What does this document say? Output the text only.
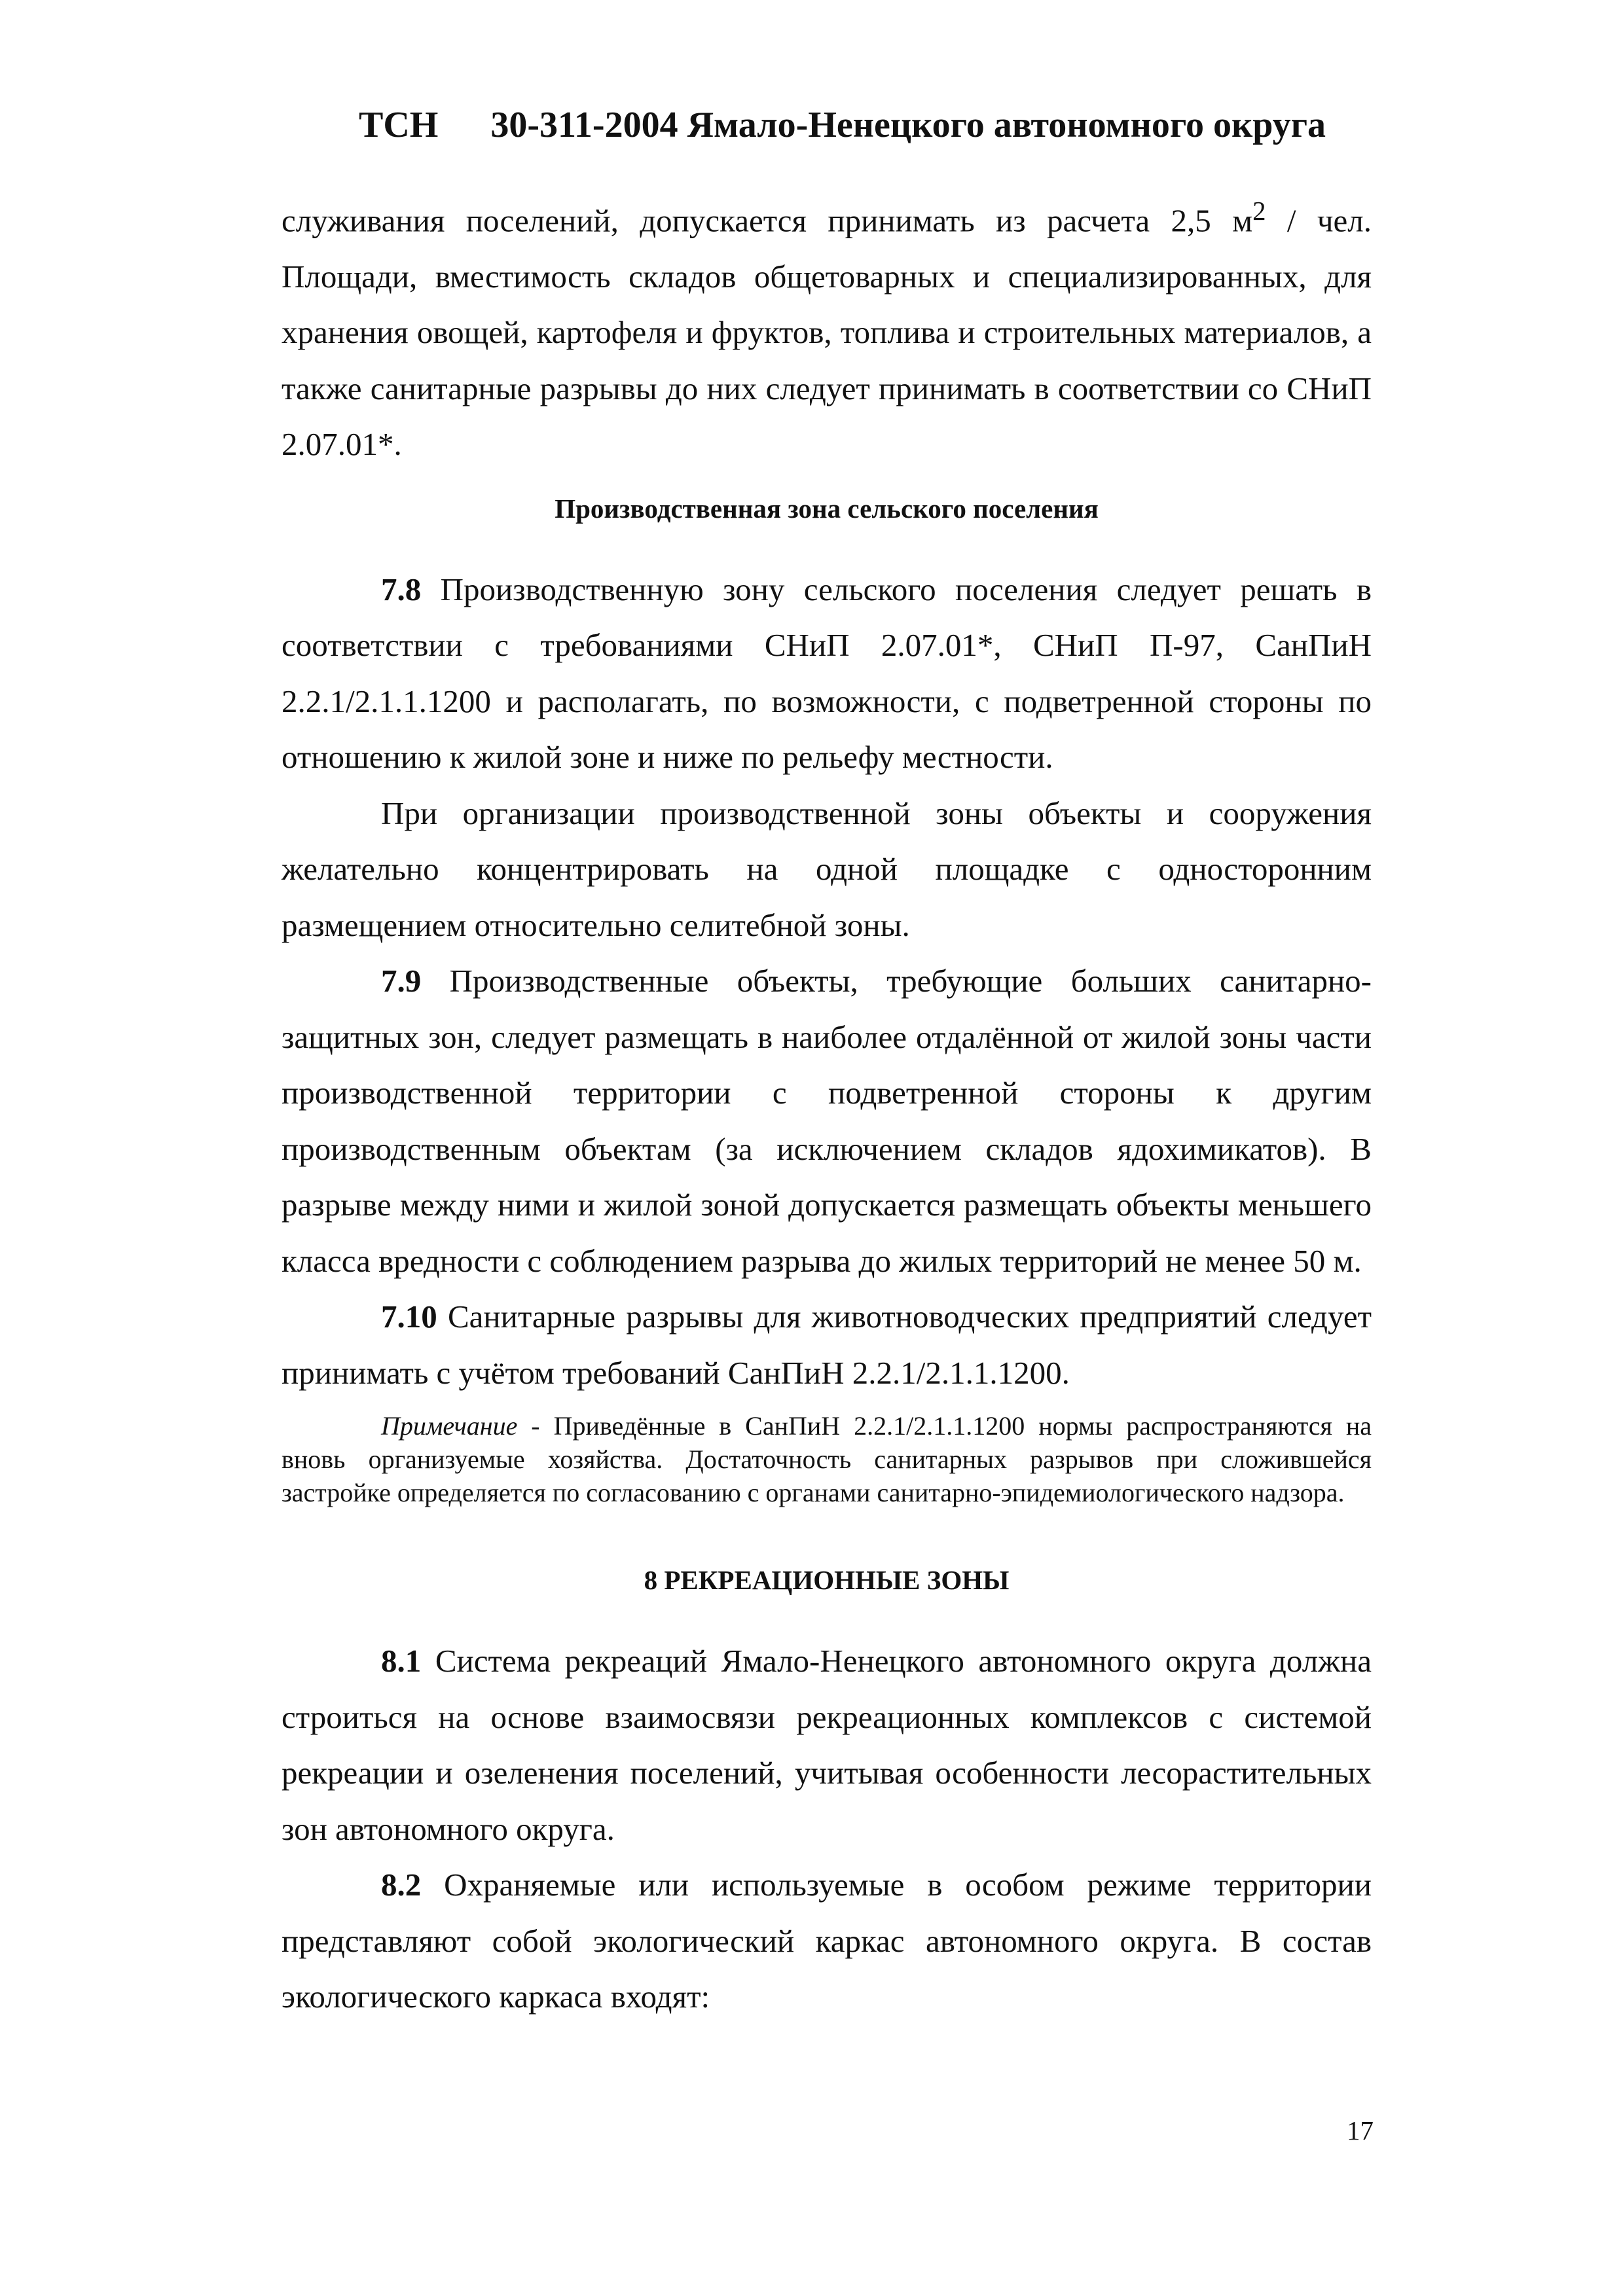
ТСН 30-311-2004 Ямало-Ненецкого автономного округа

служивания поселений, допускается принимать из расчета 2,5 $м^2$ / чел. Площади, вместимость складов общетоварных и специализированных, для хранения овощей, картофеля и фруктов, топлива и строительных материалов, а также санитарные разрывы до них следует принимать в соответствии со СНиП 2.07.01*.

Производственная зона сельского поселения

7.8 Производственную зону сельского поселения следует решать в соответствии с требованиями СНиП 2.07.01*, СНиП П-97, СанПиН 2.2.1/2.1.1.1200 и располагать, по возможности, с подветренной стороны по отношению к жилой зоне и ниже по рельефу местности.

При организации производственной зоны объекты и сооружения желательно концентрировать на одной площадке с односторонним размещением относительно селитебной зоны.

7.9 Производственные объекты, требующие больших санитарно-защитных зон, следует размещать в наиболее отдалённой от жилой зоны части производственной территории с подветренной стороны к другим производственным объектам (за исключением складов ядохимикатов). В разрыве между ними и жилой зоной допускается размещать объекты меньшего класса вредности с соблюдением разрыва до жилых территорий не менее 50 м.

7.10 Санитарные разрывы для животноводческих предприятий следует принимать с учётом требований СанПиН 2.2.1/2.1.1.1200.

Примечание - Приведённые в СанПиН 2.2.1/2.1.1.1200 нормы распространяются на вновь организуемые хозяйства. Достаточность санитарных разрывов при сложившейся застройке определяется по согласованию с органами санитарно-эпидемиологического надзора.
8 РЕКРЕАЦИОННЫЕ ЗОНЫ

8.1 Система рекреаций Ямало-Ненецкого автономного округа должна строиться на основе взаимосвязи рекреационных комплексов с системой рекреации и озеленения поселений, учитывая особенности лесорастительных зон автономного округа.

8.2 Охраняемые или используемые в особом режиме территории представляют собой экологический каркас автономного округа. В состав экологического каркаса входят:

17
